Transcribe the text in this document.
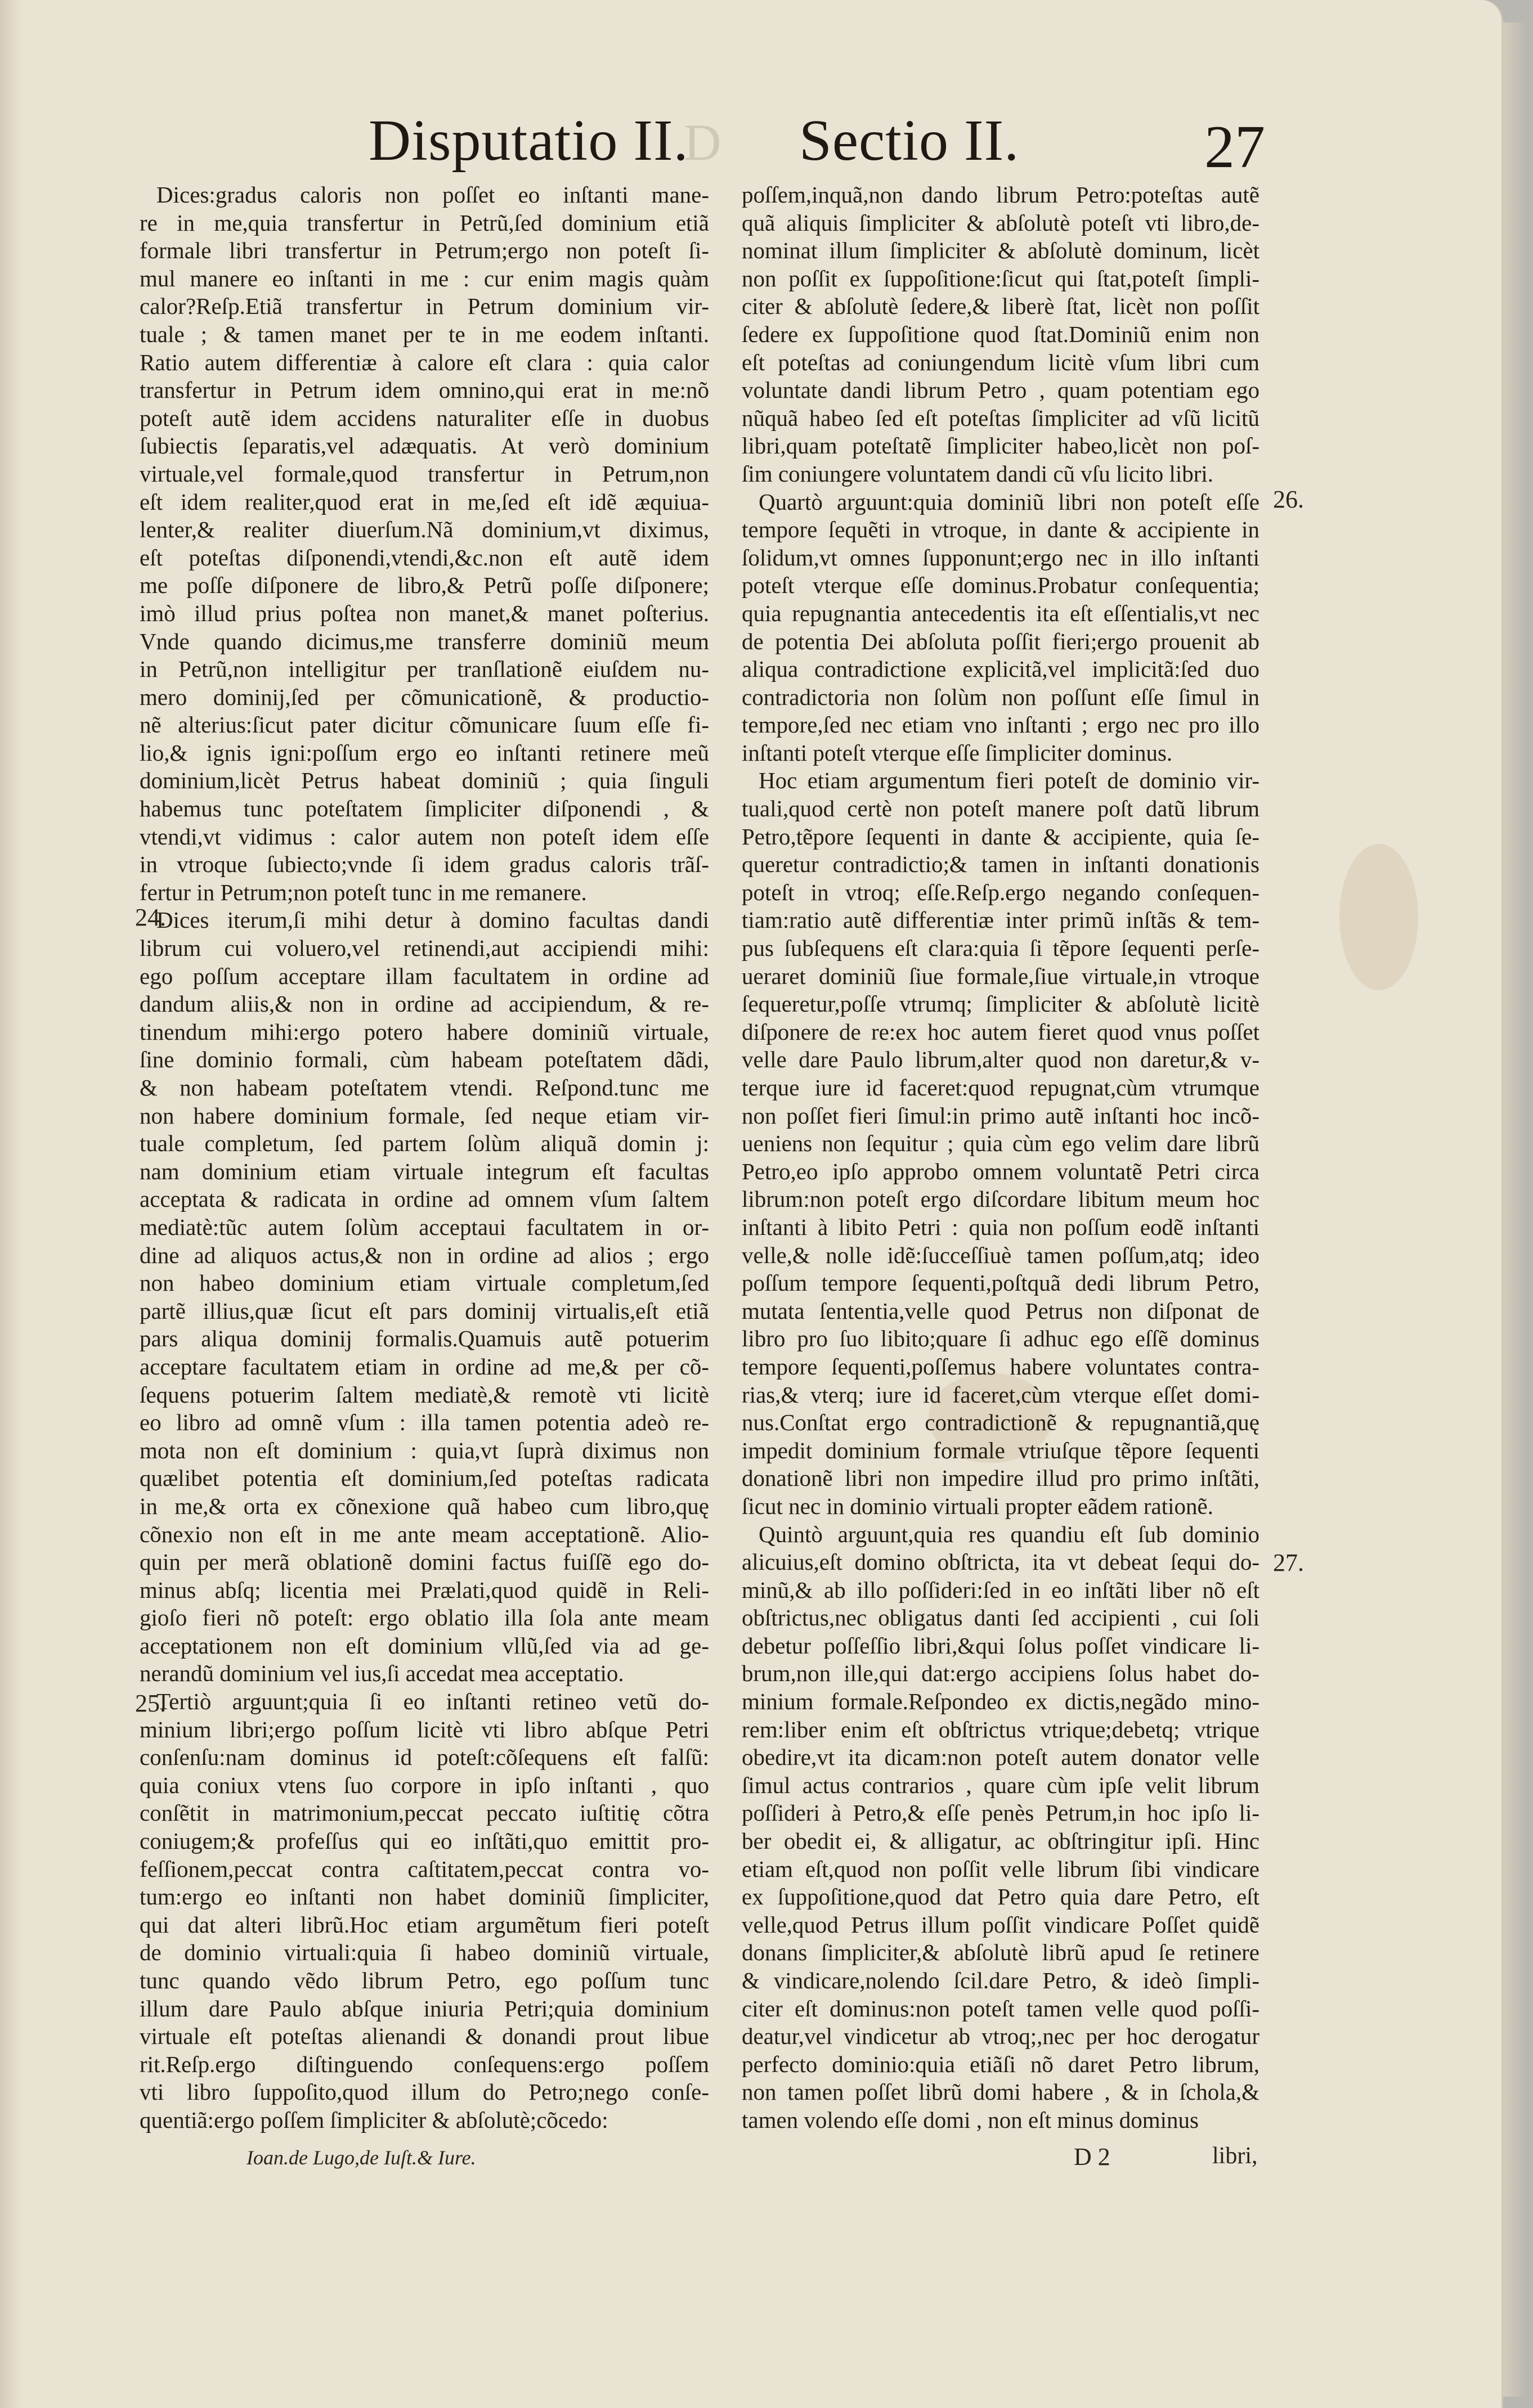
Disputatio II.
D Sectio II.	27
Dices:gradus caloris non poſſet eo inſtanti mane-
re in me,quia transfertur in Petrũ,ſed dominium etiã
formale libri transfertur in Petrum;ergo non poteſt ſi-
mul manere eo inſtanti in me : cur enim magis quàm
calor?Reſp.Etiã transfertur in Petrum dominium vir-
tuale ; & tamen manet per te in me eodem inſtanti.
Ratio autem differentiæ à calore eſt clara : quia calor
transfertur in Petrum idem omnino,qui erat in me:nõ
poteſt autẽ idem accidens naturaliter eſſe in duobus
ſubiectis ſeparatis,vel adæquatis. At verò dominium
virtuale,vel formale,quod transfertur in Petrum,non
eſt idem realiter,quod erat in me,ſed eſt idẽ æquiua-
lenter,& realiter diuerſum.Nã dominium,vt diximus,
eſt poteſtas diſponendi,vtendi,&c.non eſt autẽ idem
me poſſe diſponere de libro,& Petrũ poſſe diſponere;
imò illud prius poſtea non manet,& manet poſterius.
Vnde quando dicimus,me transferre dominiũ meum
in Petrũ,non intelligitur per tranſlationẽ eiuſdem nu-
mero dominij,ſed per cõmunicationẽ, & productio-
nẽ alterius:ſicut pater dicitur cõmunicare ſuum eſſe fi-
lio,& ignis igni:poſſum ergo eo inſtanti retinere meũ
dominium,licèt Petrus habeat dominiũ ; quia ſinguli
habemus tunc poteſtatem ſimpliciter diſponendi , &
vtendi,vt vidimus : calor autem non poteſt idem eſſe
in vtroque ſubiecto;vnde ſi idem gradus caloris trãſ-
fertur in Petrum;non poteſt tunc in me remanere.
Dices iterum,ſi mihi detur à domino facultas dandi
librum cui voluero,vel retinendi,aut accipiendi mihi:
ego poſſum acceptare illam facultatem in ordine ad
dandum aliis,& non in ordine ad accipiendum, & re-
tinendum mihi:ergo potero habere dominiũ virtuale,
ſine dominio formali, cùm habeam poteſtatem dãdi,
& non habeam poteſtatem vtendi. Reſpond.tunc me
non habere dominium formale, ſed neque etiam vir-
tuale completum, ſed partem ſolùm aliquã domin j:
nam dominium etiam virtuale integrum eſt facultas
acceptata & radicata in ordine ad omnem vſum ſaltem
mediatè:tũc autem ſolùm acceptaui facultatem in or-
dine ad aliquos actus,& non in ordine ad alios ; ergo
non habeo dominium etiam virtuale completum,ſed
partẽ illius,quæ ſicut eſt pars dominij virtualis,eſt etiã
pars aliqua dominij formalis.Quamuis autẽ potuerim
acceptare facultatem etiam in ordine ad me,& per cõ-
ſequens potuerim ſaltem mediatè,& remotè vti licitè
eo libro ad omnẽ vſum : illa tamen potentia adeò re-
mota non eſt dominium : quia,vt ſuprà diximus non
quælibet potentia eſt dominium,ſed poteſtas radicata
in me,& orta ex cõnexione quã habeo cum libro,quę
cõnexio non eſt in me ante meam acceptationẽ. Alio-
quin per merã oblationẽ domini factus fuiſſẽ ego do-
minus abſq; licentia mei Prælati,quod quidẽ in Reli-
gioſo fieri nõ poteſt: ergo oblatio illa ſola ante meam
acceptationem non eſt dominium vllũ,ſed via ad ge-
nerandũ dominium vel ius,ſi accedat mea acceptatio.
Tertiò arguunt;quia ſi eo inſtanti retineo vetũ do-
minium libri;ergo poſſum licitè vti libro abſque Petri
conſenſu:nam dominus id poteſt:cõſequens eſt falſũ:
quia coniux vtens ſuo corpore in ipſo inſtanti , quo
conſẽtit in matrimonium,peccat peccato iuſtitię cõtra
coniugem;& profeſſus qui eo inſtãti,quo emittit pro-
feſſionem,peccat contra caſtitatem,peccat contra vo-
tum:ergo eo inſtanti non habet dominiũ ſimpliciter,
qui dat alteri librũ.Hoc etiam argumẽtum fieri poteſt
de dominio virtuali:quia ſi habeo dominiũ virtuale,
tunc quando vẽdo librum Petro, ego poſſum tunc
illum dare Paulo abſque iniuria Petri;quia dominium
virtuale eſt poteſtas alienandi & donandi prout libue
rit.Reſp.ergo diſtinguendo conſequens:ergo poſſem
vti libro ſuppoſito,quod illum do Petro;nego conſe-
quentiã:ergo poſſem ſimpliciter & abſolutè;cõcedo:
poſſem,inquã,non dando librum Petro:poteſtas autẽ
quã aliquis ſimpliciter & abſolutè poteſt vti libro,de-
nominat illum ſimpliciter & abſolutè dominum, licèt
non poſſit ex ſuppoſitione:ſicut qui ſtat,poteſt ſimpli-
citer & abſolutè ſedere,& liberè ſtat, licèt non poſſit
ſedere ex ſuppoſitione quod ſtat.Dominiũ enim non
eſt poteſtas ad coniungendum licitè vſum libri cum
voluntate dandi librum Petro , quam potentiam ego
nũquã habeo ſed eſt poteſtas ſimpliciter ad vſũ licitũ
libri,quam poteſtatẽ ſimpliciter habeo,licèt non poſ-
ſim coniungere voluntatem dandi cũ vſu licito libri.
Quartò arguunt:quia dominiũ libri non poteſt eſſe
tempore ſequẽti in vtroque, in dante & accipiente in
ſolidum,vt omnes ſupponunt;ergo nec in illo inſtanti
poteſt vterque eſſe dominus.Probatur conſequentia;
quia repugnantia antecedentis ita eſt eſſentialis,vt nec
de potentia Dei abſoluta poſſit fieri;ergo prouenit ab
aliqua contradictione explicitã,vel implicitã:ſed duo
contradictoria non ſolùm non poſſunt eſſe ſimul in
tempore,ſed nec etiam vno inſtanti ; ergo nec pro illo
inſtanti poteſt vterque eſſe ſimpliciter dominus.
Hoc etiam argumentum fieri poteſt de dominio vir-
tuali,quod certè non poteſt manere poſt datũ librum
Petro,tẽpore ſequenti in dante & accipiente, quia ſe-
queretur contradictio;& tamen in inſtanti donationis
poteſt in vtroq; eſſe.Reſp.ergo negando conſequen-
tiam:ratio autẽ differentiæ inter primũ inſtãs & tem-
pus ſubſequens eſt clara:quia ſi tẽpore ſequenti perſe-
ueraret dominiũ ſiue formale,ſiue virtuale,in vtroque
ſequeretur,poſſe vtrumq; ſimpliciter & abſolutè licitè
diſponere de re:ex hoc autem fieret quod vnus poſſet
velle dare Paulo librum,alter quod non daretur,& v-
terque iure id faceret:quod repugnat,cùm vtrumque
non poſſet fieri ſimul:in primo autẽ inſtanti hoc incõ-
ueniens non ſequitur ; quia cùm ego velim dare librũ
Petro,eo ipſo approbo omnem voluntatẽ Petri circa
librum:non poteſt ergo diſcordare libitum meum hoc
inſtanti à libito Petri : quia non poſſum eodẽ inſtanti
velle,& nolle idẽ:ſucceſſiuè tamen poſſum,atq; ideo
poſſum tempore ſequenti,poſtquã dedi librum Petro,
mutata ſententia,velle quod Petrus non diſponat de
libro pro ſuo libito;quare ſi adhuc ego eſſẽ dominus
tempore ſequenti,poſſemus habere voluntates contra-
rias,& vterq; iure id faceret,cùm vterque eſſet domi-
nus.Conſtat ergo contradictionẽ & repugnantiã,quę
impedit dominium formale vtriuſque tẽpore ſequenti
donationẽ libri non impedire illud pro primo inſtãti,
ſicut nec in dominio virtuali propter eãdem rationẽ.
Quintò arguunt,quia res quandiu eſt ſub dominio
alicuius,eſt domino obſtricta, ita vt debeat ſequi do-
minũ,& ab illo poſſideri:ſed in eo inſtãti liber nõ eſt
obſtrictus,nec obligatus danti ſed accipienti , cui ſoli
debetur poſſeſſio libri,&qui ſolus poſſet vindicare li-
brum,non ille,qui dat:ergo accipiens ſolus habet do-
minium formale.Reſpondeo ex dictis,negãdo mino-
rem:liber enim eſt obſtrictus vtrique;debetq; vtrique
obedire,vt ita dicam:non poteſt autem donator velle
ſimul actus contrarios , quare cùm ipſe velit librum
poſſideri à Petro,& eſſe penès Petrum,in hoc ipſo li-
ber obedit ei, & alligatur, ac obſtringitur ipſi. Hinc
etiam eſt,quod non poſſit velle librum ſibi vindicare
ex ſuppoſitione,quod dat Petro quia dare Petro, eſt
velle,quod Petrus illum poſſit vindicare Poſſet quidẽ
donans ſimpliciter,& abſolutè librũ apud ſe retinere
& vindicare,nolendo ſcil.dare Petro, & ideò ſimpli-
citer eſt dominus:non poteſt tamen velle quod poſſi-
deatur,vel vindicetur ab vtroq;,nec per hoc derogatur
perfecto dominio:quia etiãſi nõ daret Petro librum,
non tamen poſſet librũ domi habere , & in ſchola,&
tamen volendo eſſe domi , non eſt minus dominus
24.
25.
26.
27.
Ioan.de Lugo,de Iuſt.& Iure.	D 2	libri,
